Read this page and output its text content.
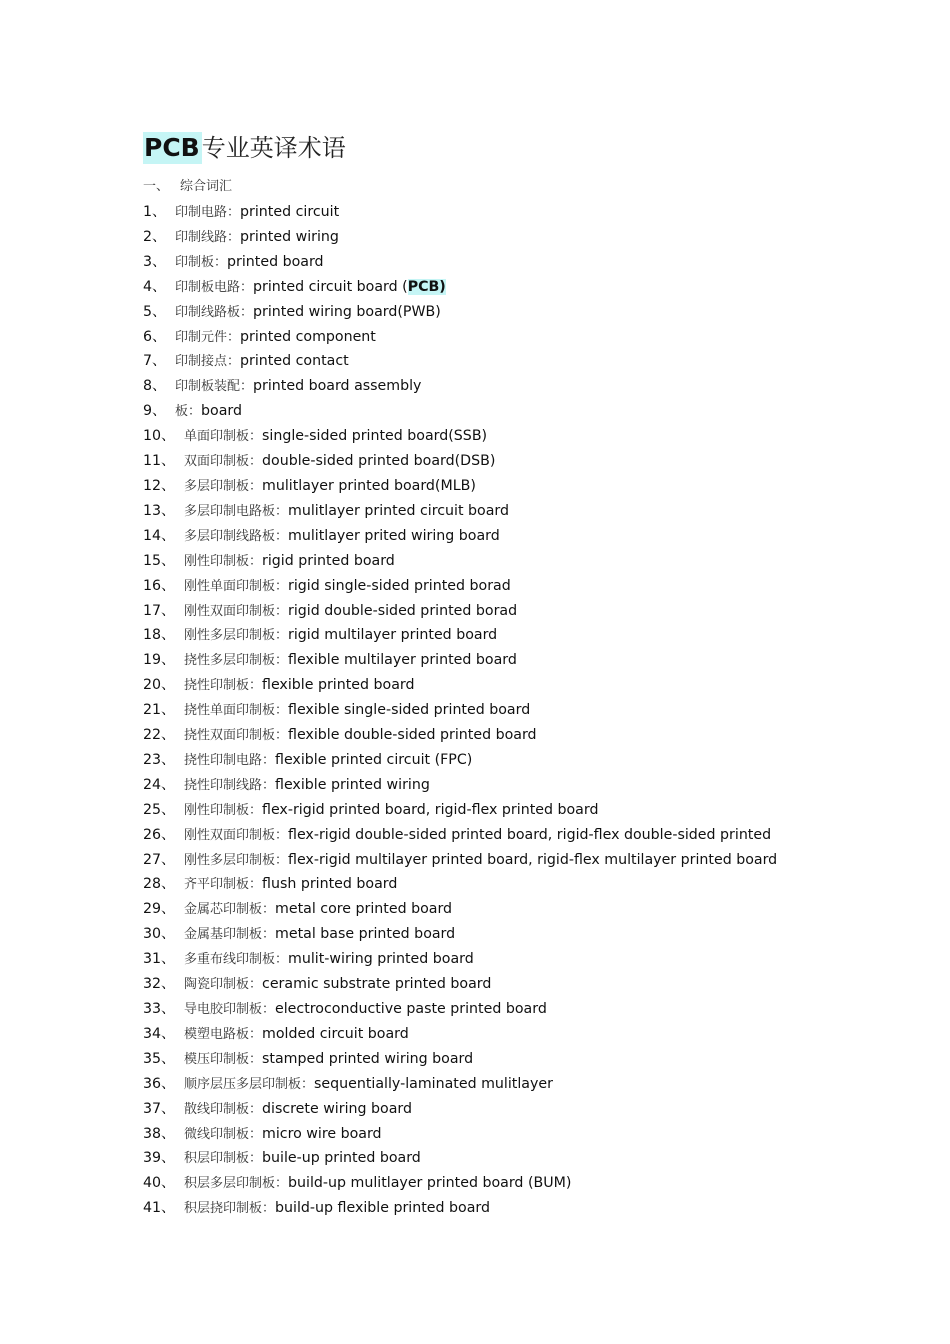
PCB专业英译术语
一、 综合词汇
1、 印制电路：printed circuit
2、 印制线路：printed wiring
3、 印制板：printed board
4、 印制板电路：printed circuit board (PCB)
5、 印制线路板：printed wiring board(PWB)
6、 印制元件：printed component
7、 印制接点：printed contact
8、 印制板装配：printed board assembly
9、 板：board
10、 单面印制板：single-sided printed board(SSB)
11、 双面印制板：double-sided printed board(DSB)
12、 多层印制板：mulitlayer printed board(MLB)
13、 多层印制电路板：mulitlayer printed circuit board
14、 多层印制线路板：mulitlayer prited wiring board
15、 刚性印制板：rigid printed board
16、 刚性单面印制板：rigid single-sided printed borad
17、 刚性双面印制板：rigid double-sided printed borad
18、 刚性多层印制板：rigid multilayer printed board
19、 挠性多层印制板：flexible multilayer printed board
20、 挠性印制板：flexible printed board
21、 挠性单面印制板：flexible single-sided printed board
22、 挠性双面印制板：flexible double-sided printed board
23、 挠性印制电路：flexible printed circuit (FPC)
24、 挠性印制线路：flexible printed wiring
25、 刚性印制板：flex-rigid printed board, rigid-flex printed board
26、 刚性双面印制板：flex-rigid double-sided printed board, rigid-flex double-sided printed
27、 刚性多层印制板：flex-rigid multilayer printed board, rigid-flex multilayer printed board
28、 齐平印制板：flush printed board
29、 金属芯印制板：metal core printed board
30、 金属基印制板：metal base printed board
31、 多重布线印制板：mulit-wiring printed board
32、 陶瓷印制板：ceramic substrate printed board
33、 导电胶印制板：electroconductive paste printed board
34、 模塑电路板：molded circuit board
35、 模压印制板：stamped printed wiring board
36、 顺序层压多层印制板：sequentially-laminated mulitlayer
37、 散线印制板：discrete wiring board
38、 微线印制板：micro wire board
39、 积层印制板：buile-up printed board
40、 积层多层印制板：build-up mulitlayer printed board (BUM)
41、 积层挠印制板：build-up flexible printed board
